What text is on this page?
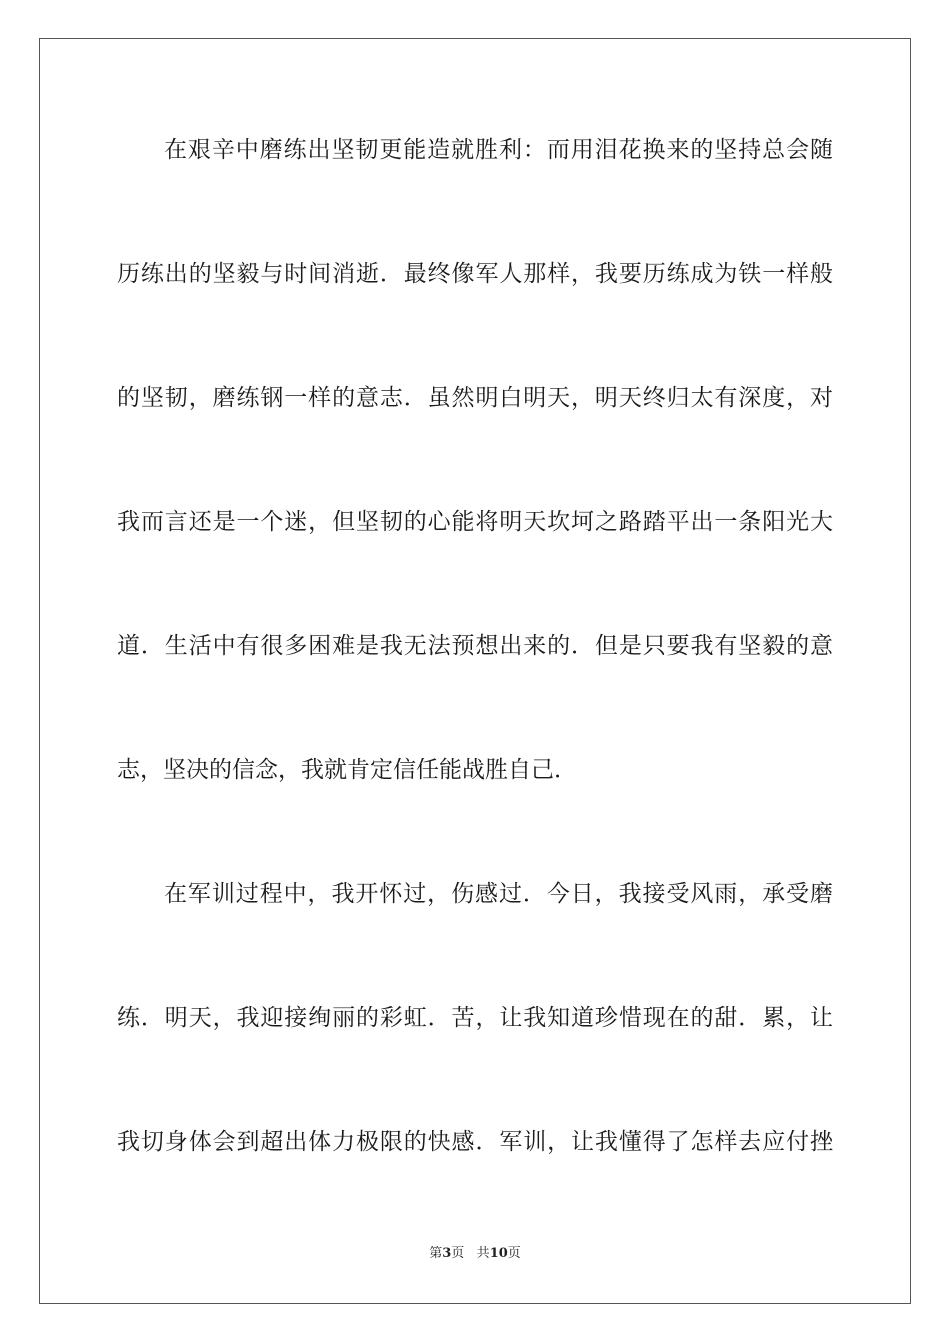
在艰辛中磨练出坚韧更能造就胜利：而用泪花换来的坚持总会随
历练出的坚毅与时间消逝．最终像军人那样，我要历练成为铁一样般
的坚韧，磨练钢一样的意志．虽然明白明天，明天终归太有深度，对
我而言还是一个迷，但坚韧的心能将明天坎坷之路踏平出一条阳光大
道．生活中有很多困难是我无法预想出来的．但是只要我有坚毅的意
志，坚决的信念，我就肯定信任能战胜自己．
在军训过程中，我开怀过，伤感过．今日，我接受风雨，承受磨
练．明天，我迎接绚丽的彩虹．苦，让我知道珍惜现在的甜．累，让
我切身体会到超出体力极限的快感．军训，让我懂得了怎样去应付挫
第3页 共10页
